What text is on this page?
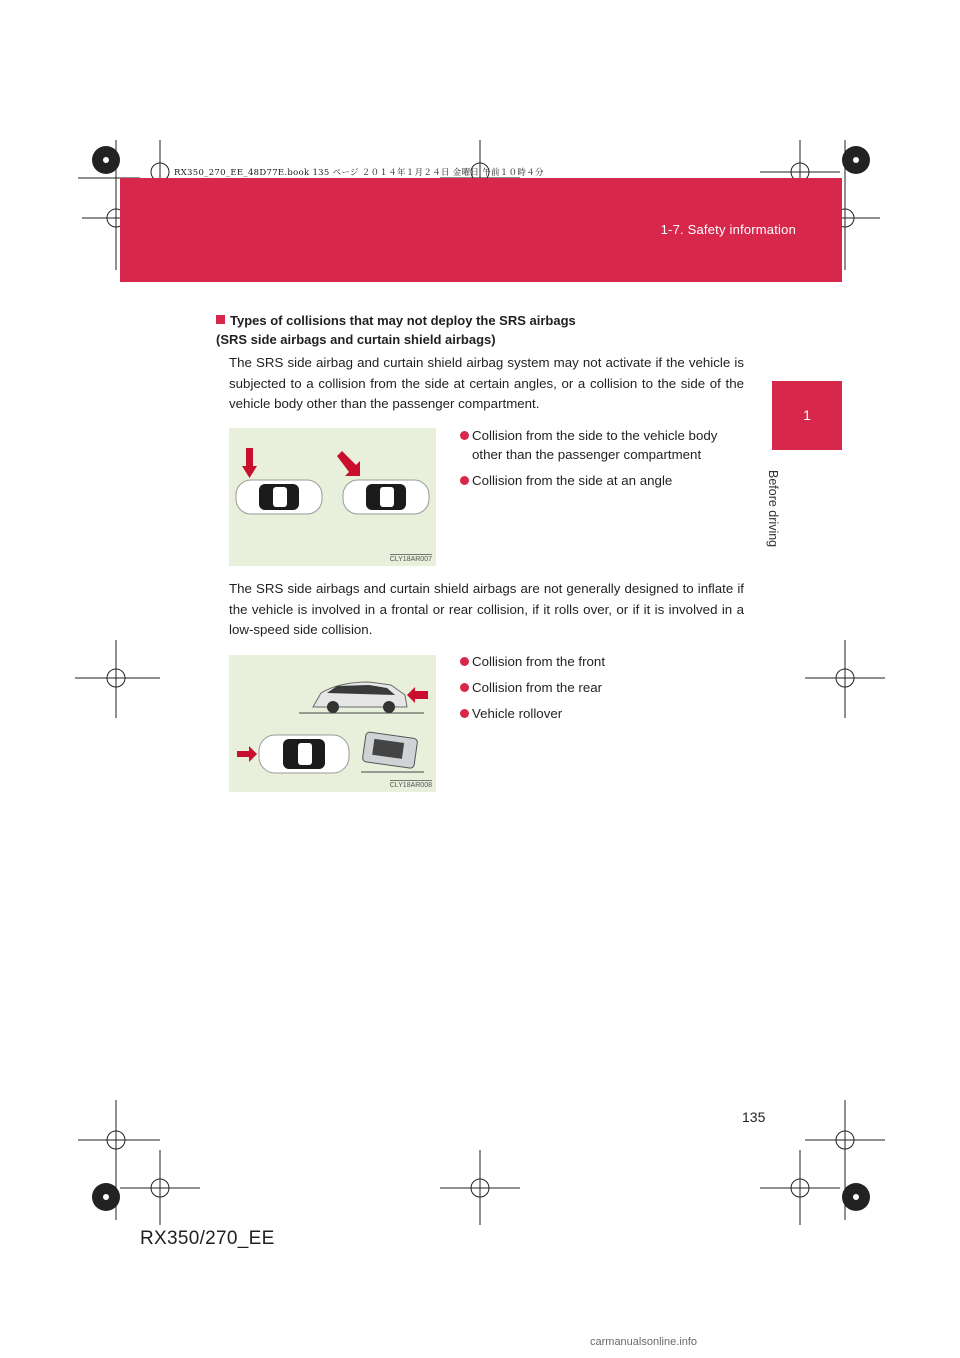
RX350_270_EE_48D77E.book 135 ページ ２０１４年１月２４日 金曜日 午前１０時４分
1-7. Safety information
1
Before driving
Types of collisions that may not deploy the SRS airbags
(SRS side airbags and curtain shield airbags)
The SRS side airbag and curtain shield airbag system may not activate if the vehicle is subjected to a collision from the side at certain angles, or a collision to the side of the vehicle body other than the passenger compartment.
CLY18AR007
Collision from the side to the vehicle body
other than the passenger compartment
Collision from the side at an angle
The SRS side airbags and curtain shield airbags are not generally designed to inflate if the vehicle is involved in a frontal or rear collision, if it rolls over, or if it is involved in a low-speed side collision.
CLY18AR008
Collision from the front
Collision from the rear
Vehicle rollover
135
RX350/270_EE
carmanualsonline.info
